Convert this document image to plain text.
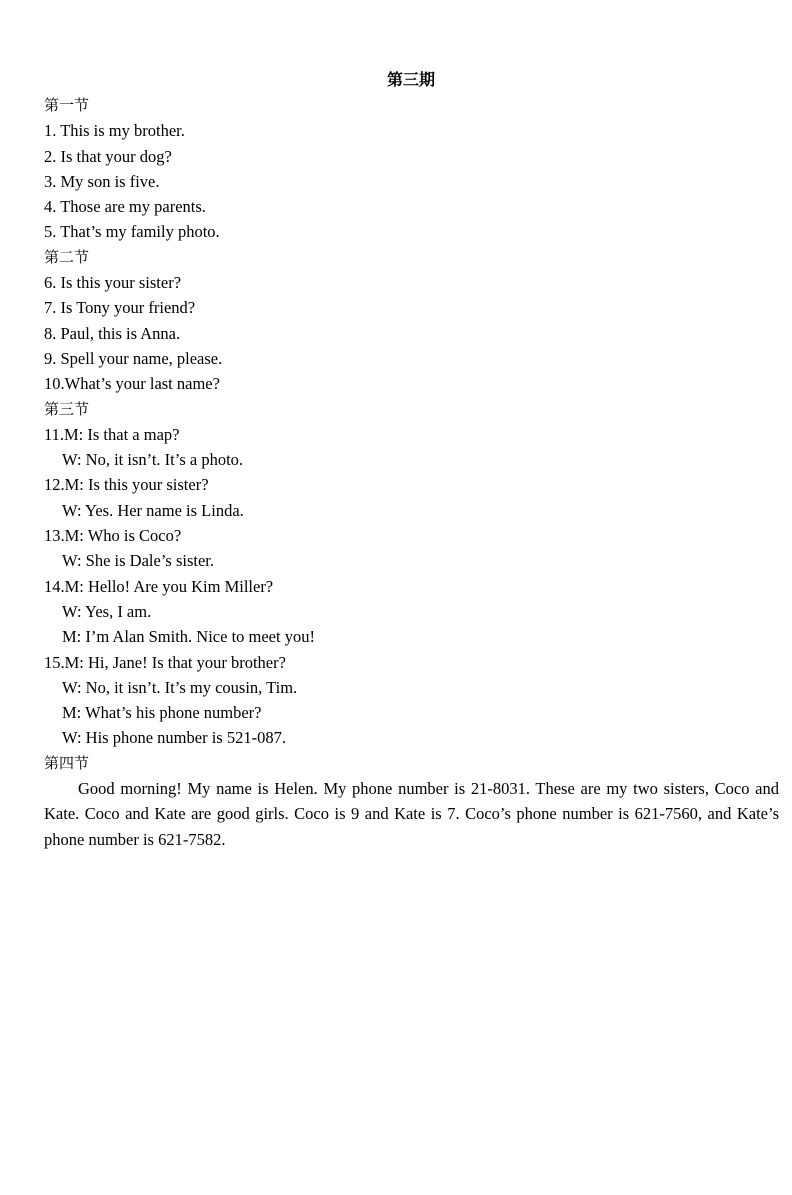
第三期
第一节
1. This is my brother.
2. Is that your dog?
3. My son is five.
4. Those are my parents.
5. That’s my family photo.
第二节
6. Is this your sister?
7. Is Tony your friend?
8. Paul, this is Anna.
9. Spell your name, please.
10.What’s your last name?
第三节
11.M: Is that a map?
W: No, it isn’t. It’s a photo.
12.M: Is this your sister?
W: Yes. Her name is Linda.
13.M: Who is Coco?
W: She is Dale’s sister.
14.M: Hello! Are you Kim Miller?
W: Yes, I am.
M: I’m Alan Smith. Nice to meet you!
15.M: Hi, Jane! Is that your brother?
W: No, it isn’t. It’s my cousin, Tim.
M: What’s his phone number?
W: His phone number is 521-087.
第四节

Good morning! My name is Helen. My phone number is 21-8031. These are my two sisters, Coco and Kate. Coco and Kate are good girls. Coco is 9 and Kate is 7. Coco’s phone number is 621-7560, and Kate’s phone number is 621-7582.
